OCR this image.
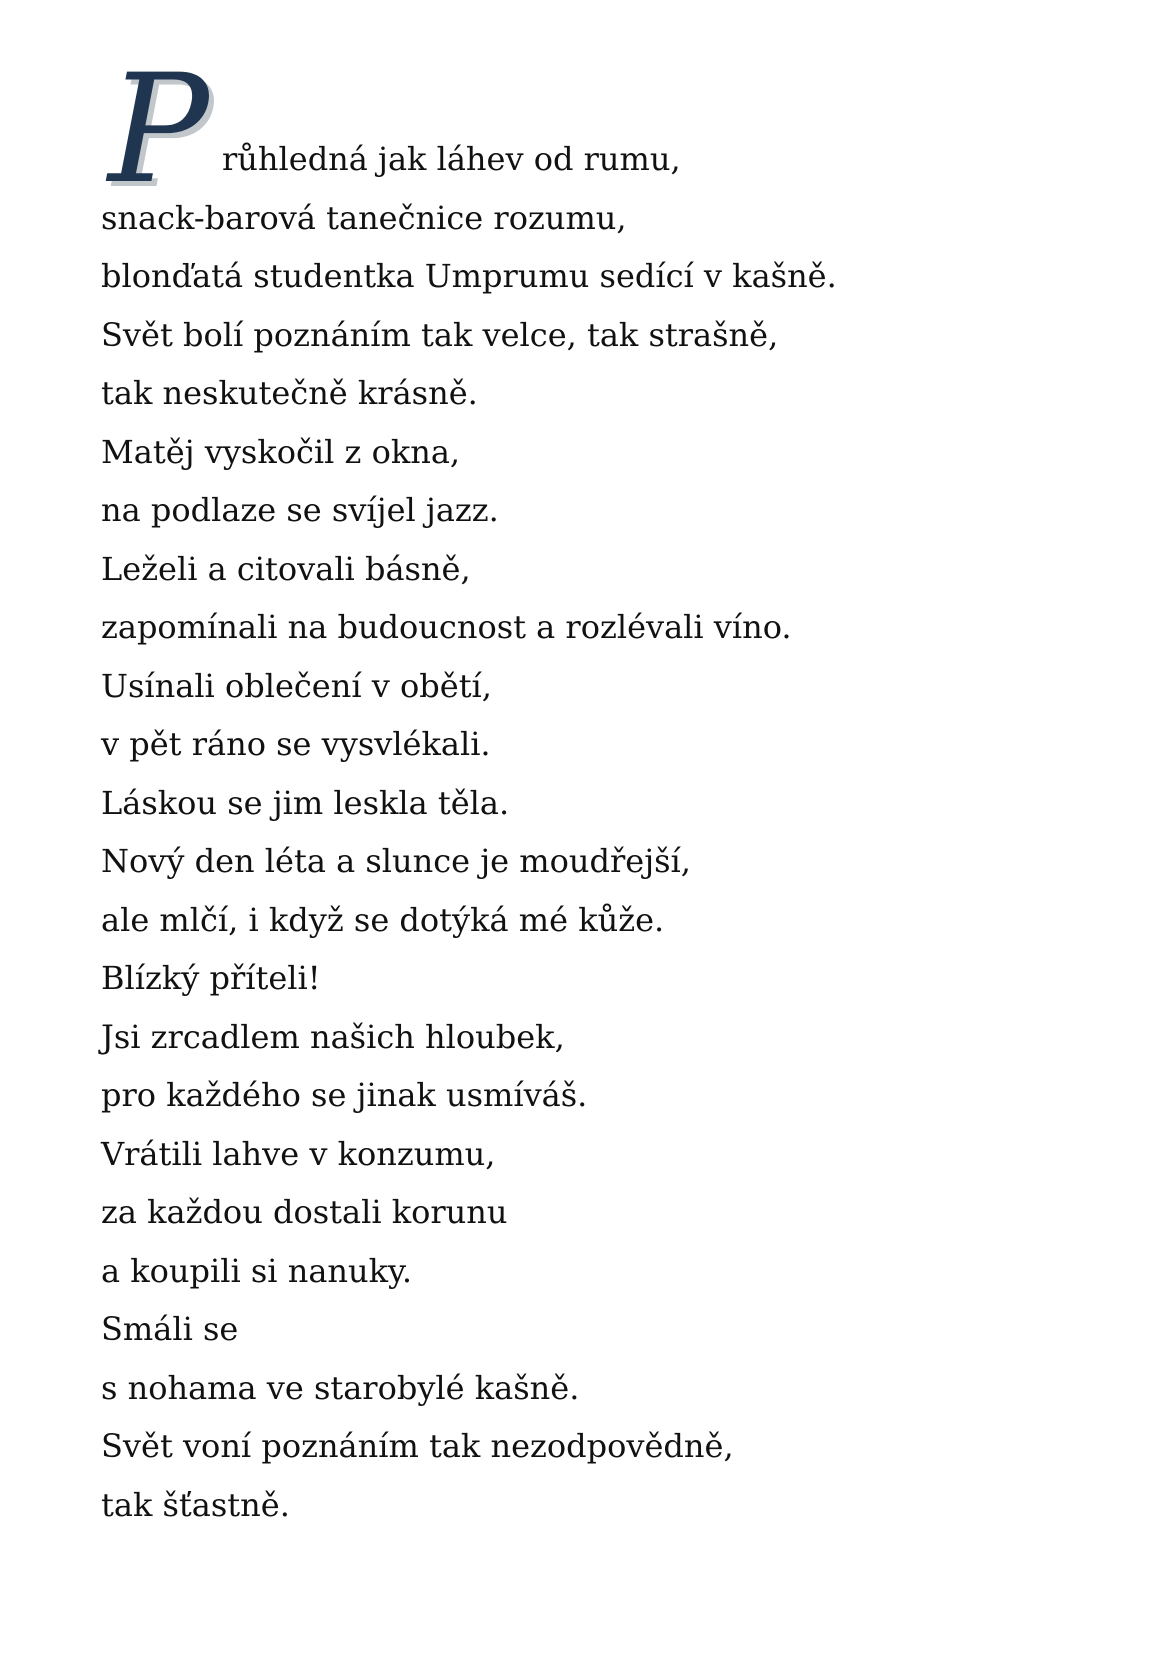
P růhledná jak láhev od rumu,
snack-barová tanečnice rozumu,
blonďatá studentka Umprumu sedící v kašně.
Svět bolí poznáním tak velce, tak strašně,
tak neskutečně krásně.
Matěj vyskočil z okna,
na podlaze se svíjel jazz.
Leželi a citovali básně,
zapomínali na budoucnost a rozlévali víno.
Usínali oblečení v obětí,
v pět ráno se vysvlékali.
Láskou se jim leskla těla.
Nový den léta a slunce je moudřejší,
ale mlčí, i když se dotýká mé kůže.
Blízký příteli!
Jsi zrcadlem našich hloubek,
pro každého se jinak usmíváš.
Vrátili lahve v konzumu,
za každou dostali korunu
a koupili si nanuky.
Smáli se
s nohama ve starobylé kašně.
Svět voní poznáním tak nezodpovědně,
tak šťastně.
